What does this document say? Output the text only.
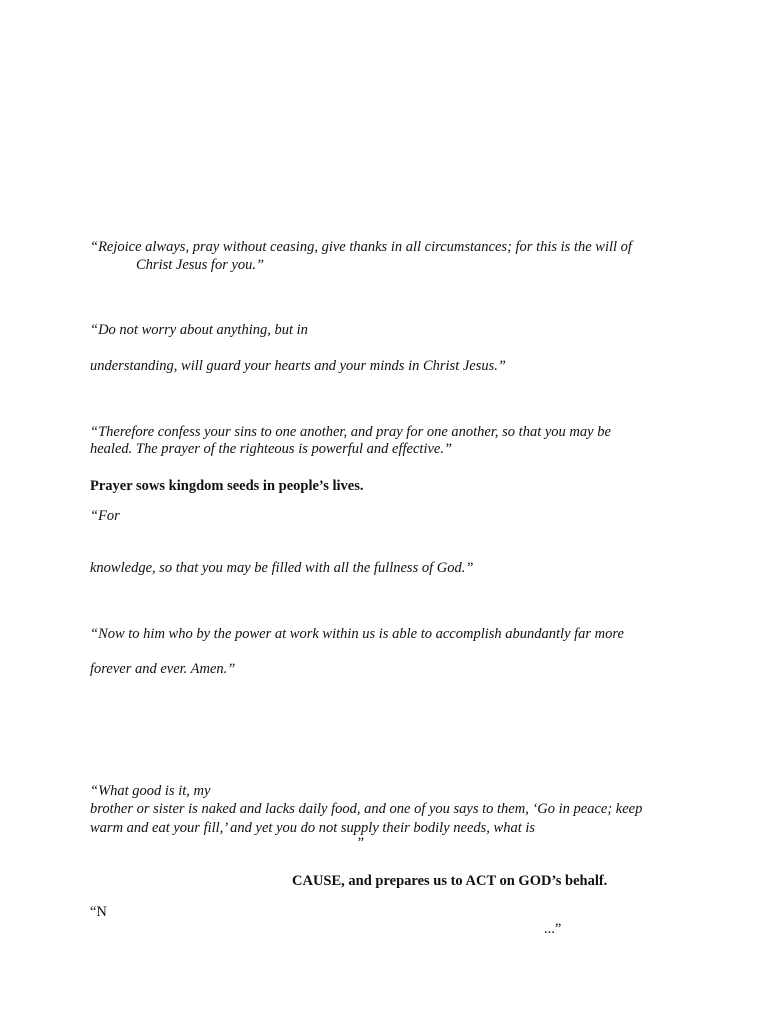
“Rejoice always, pray without ceasing, give thanks in all circumstances; for this is the will of
Christ Jesus for you.”
“Do not worry about anything, but in
understanding, will guard your hearts and your minds in Christ Jesus.”
“Therefore confess your sins to one another, and pray for one another, so that you may be
healed. The prayer of the righteous is powerful and effective.”
Prayer sows kingdom seeds in people’s lives.
“For
knowledge, so that you may be filled with all the fullness of God.”
“Now to him who by the power at work within us is able to accomplish abundantly far more
forever and ever. Amen.”
“What good is it, my
brother or sister is naked and lacks daily food, and one of you says to them, ‘Go in peace; keep
warm and eat your fill,’ and yet you do not supply their bodily needs, what is
”
CAUSE, and prepares us to ACT on GOD’s behalf.
“N
...”
